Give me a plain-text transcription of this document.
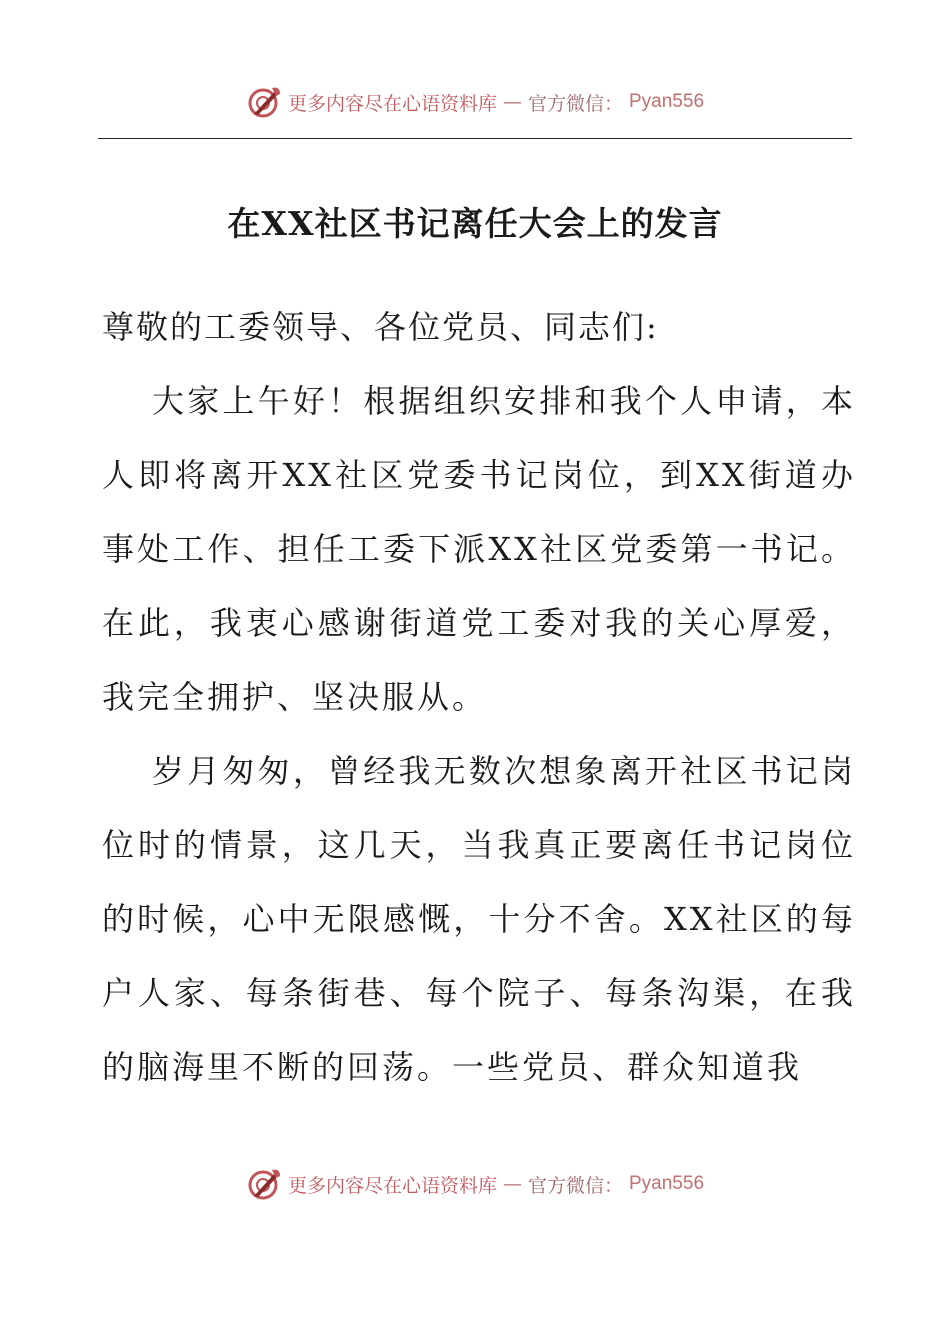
更多内容尽在心语资料库 — 官方微信： Pyan556
在XX社区书记离任大会上的发言

尊敬的工委领导、各位党员、同志们:

大家上午好！根据组织安排和我个人申请，本人即将离开XX社区党委书记岗位，到XX街道办事处工作、担任工委下派XX社区党委第一书记。在此，我衷心感谢街道党工委对我的关心厚爱，我完全拥护、坚决服从。

岁月匆匆，曾经我无数次想象离开社区书记岗位时的情景，这几天，当我真正要离任书记岗位的时候，心中无限感慨，十分不舍。XX社区的每户人家、每条街巷、每个院子、每条沟渠，在我的脑海里不断的回荡。一些党员、群众知道我

更多内容尽在心语资料库 — 官方微信： Pyan556
